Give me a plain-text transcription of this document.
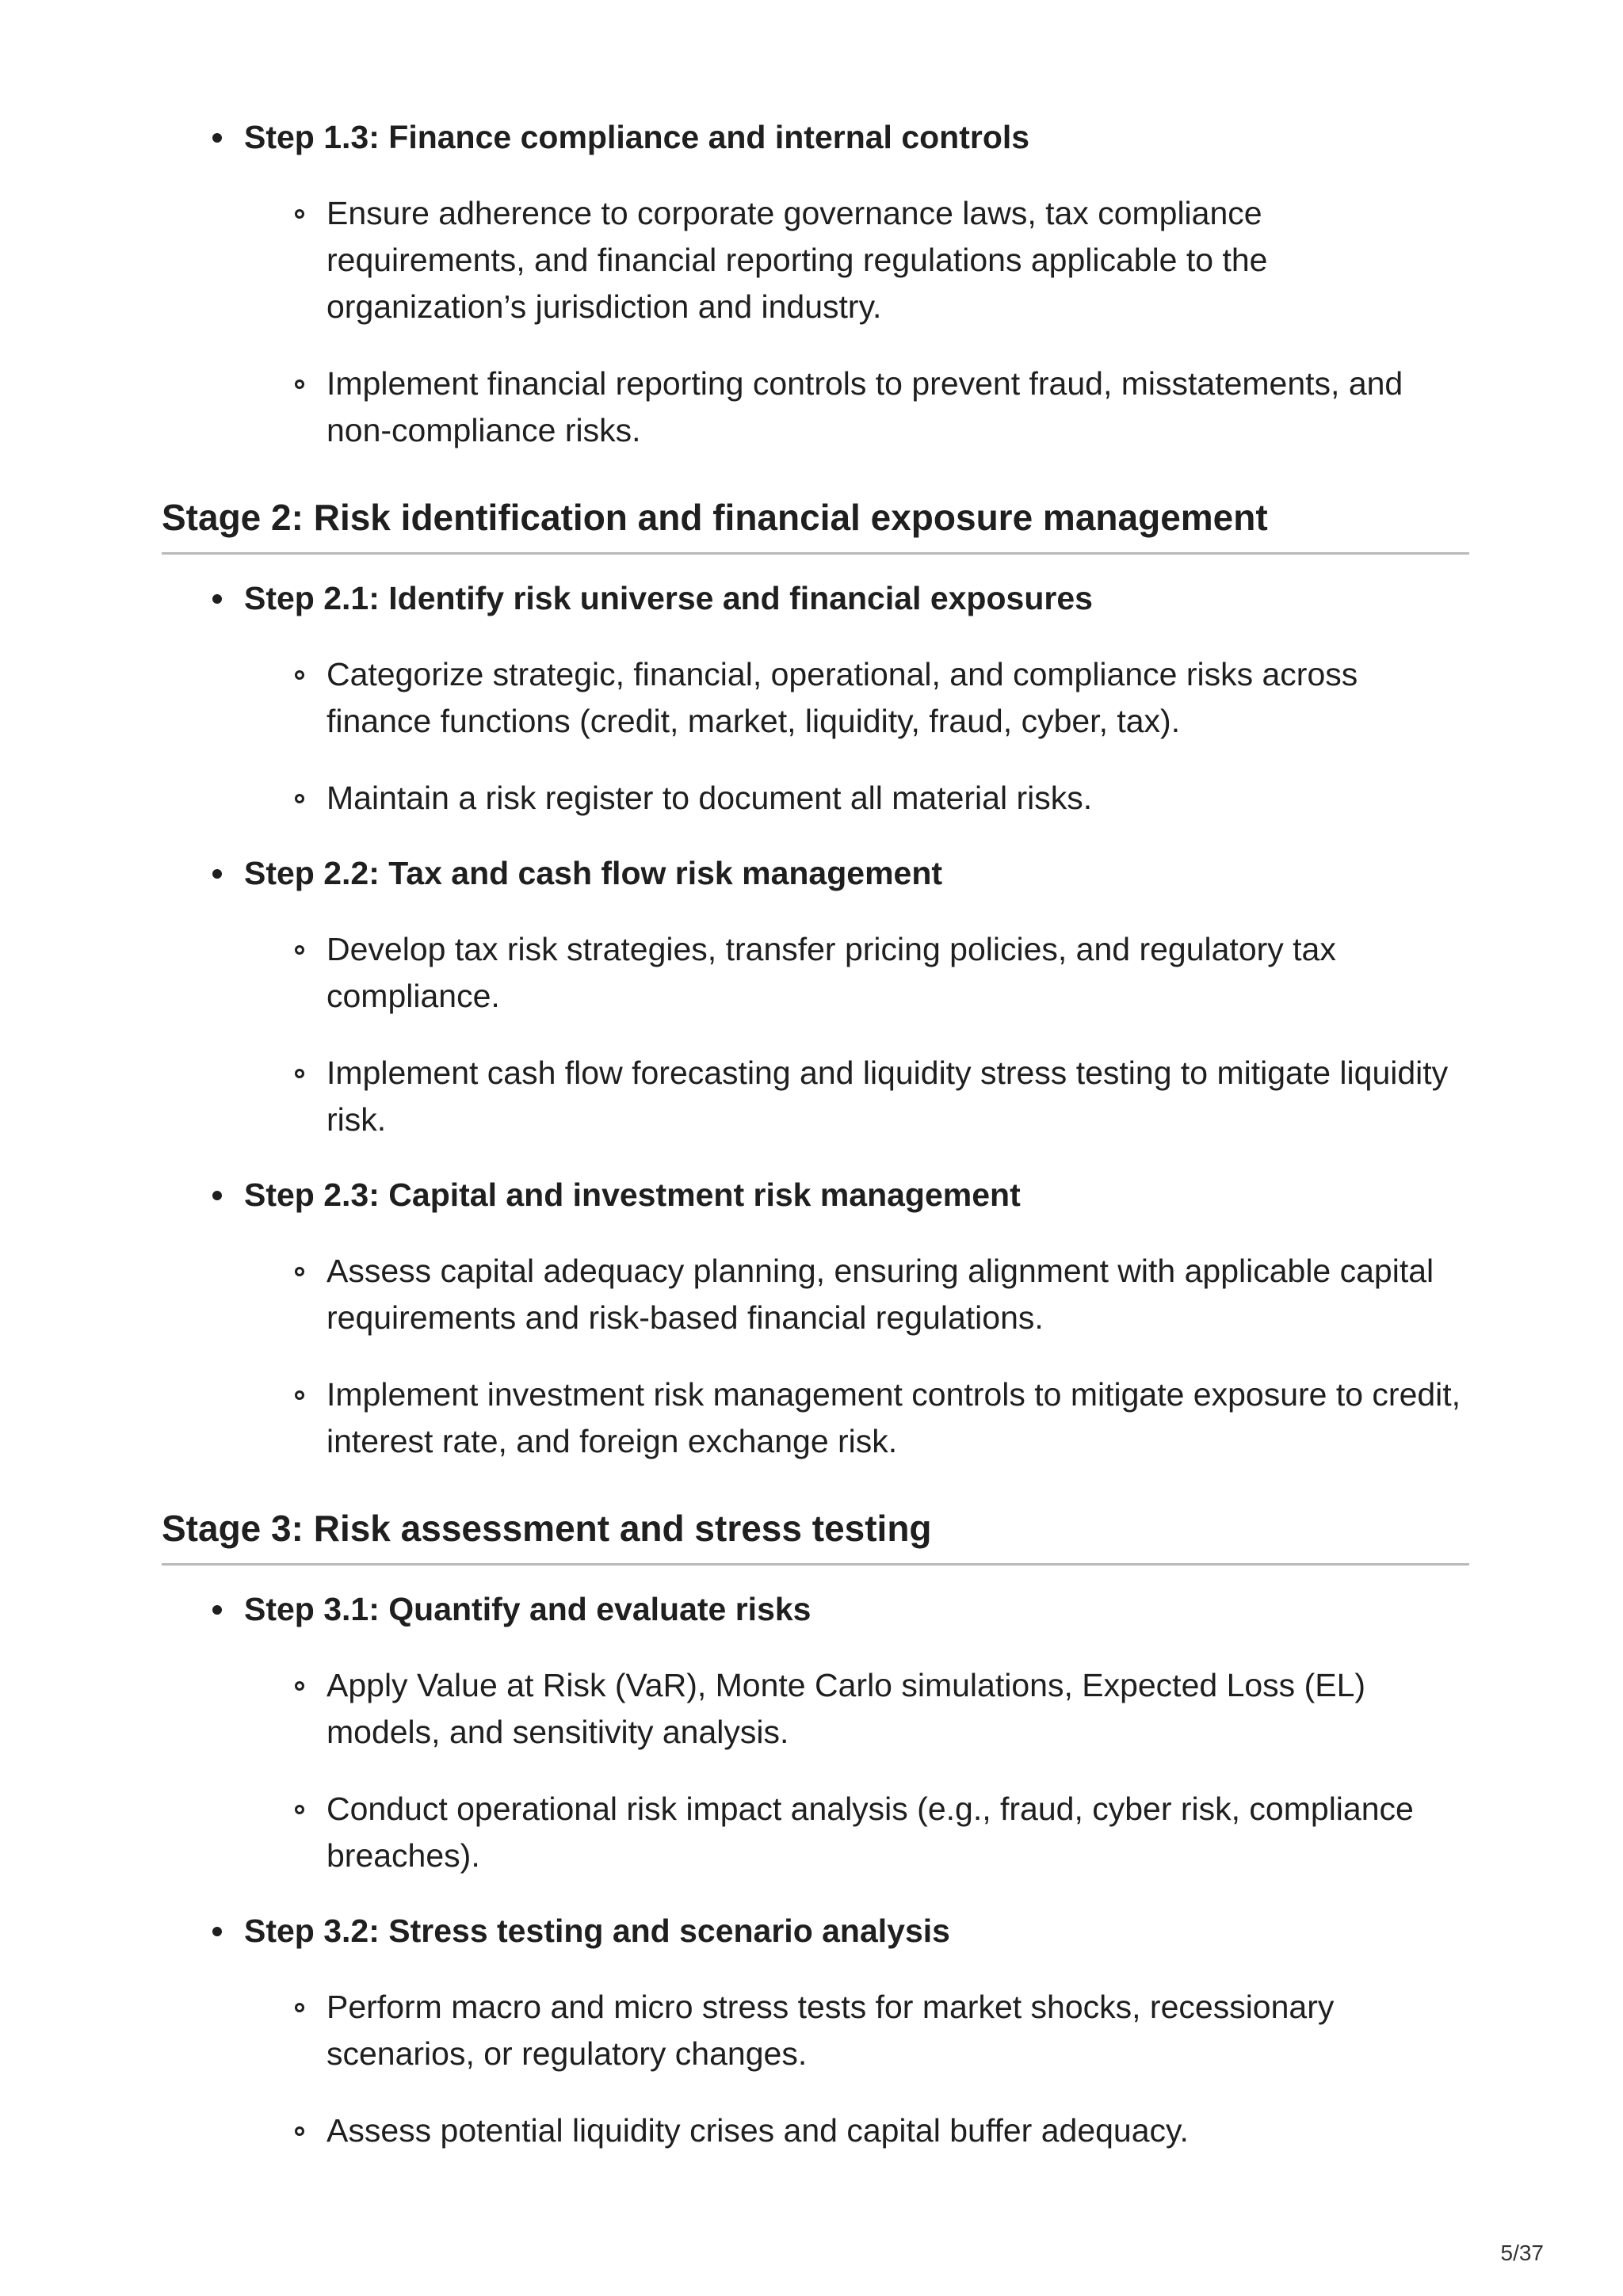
Step 1.3: Finance compliance and internal controls

Ensure adherence to corporate governance laws, tax compliance requirements, and financial reporting regulations applicable to the organization’s jurisdiction and industry.
Implement financial reporting controls to prevent fraud, misstatements, and non-compliance risks.
Stage 2: Risk identification and financial exposure management

Step 2.1: Identify risk universe and financial exposures

Categorize strategic, financial, operational, and compliance risks across finance functions (credit, market, liquidity, fraud, cyber, tax).
Maintain a risk register to document all material risks.

Step 2.2: Tax and cash flow risk management

Develop tax risk strategies, transfer pricing policies, and regulatory tax compliance.
Implement cash flow forecasting and liquidity stress testing to mitigate liquidity risk.

Step 2.3: Capital and investment risk management

Assess capital adequacy planning, ensuring alignment with applicable capital requirements and risk-based financial regulations.
Implement investment risk management controls to mitigate exposure to credit, interest rate, and foreign exchange risk.
Stage 3: Risk assessment and stress testing

Step 3.1: Quantify and evaluate risks

Apply Value at Risk (VaR), Monte Carlo simulations, Expected Loss (EL) models, and sensitivity analysis.
Conduct operational risk impact analysis (e.g., fraud, cyber risk, compliance breaches).

Step 3.2: Stress testing and scenario analysis

Perform macro and micro stress tests for market shocks, recessionary scenarios, or regulatory changes.
Assess potential liquidity crises and capital buffer adequacy.
5/37
